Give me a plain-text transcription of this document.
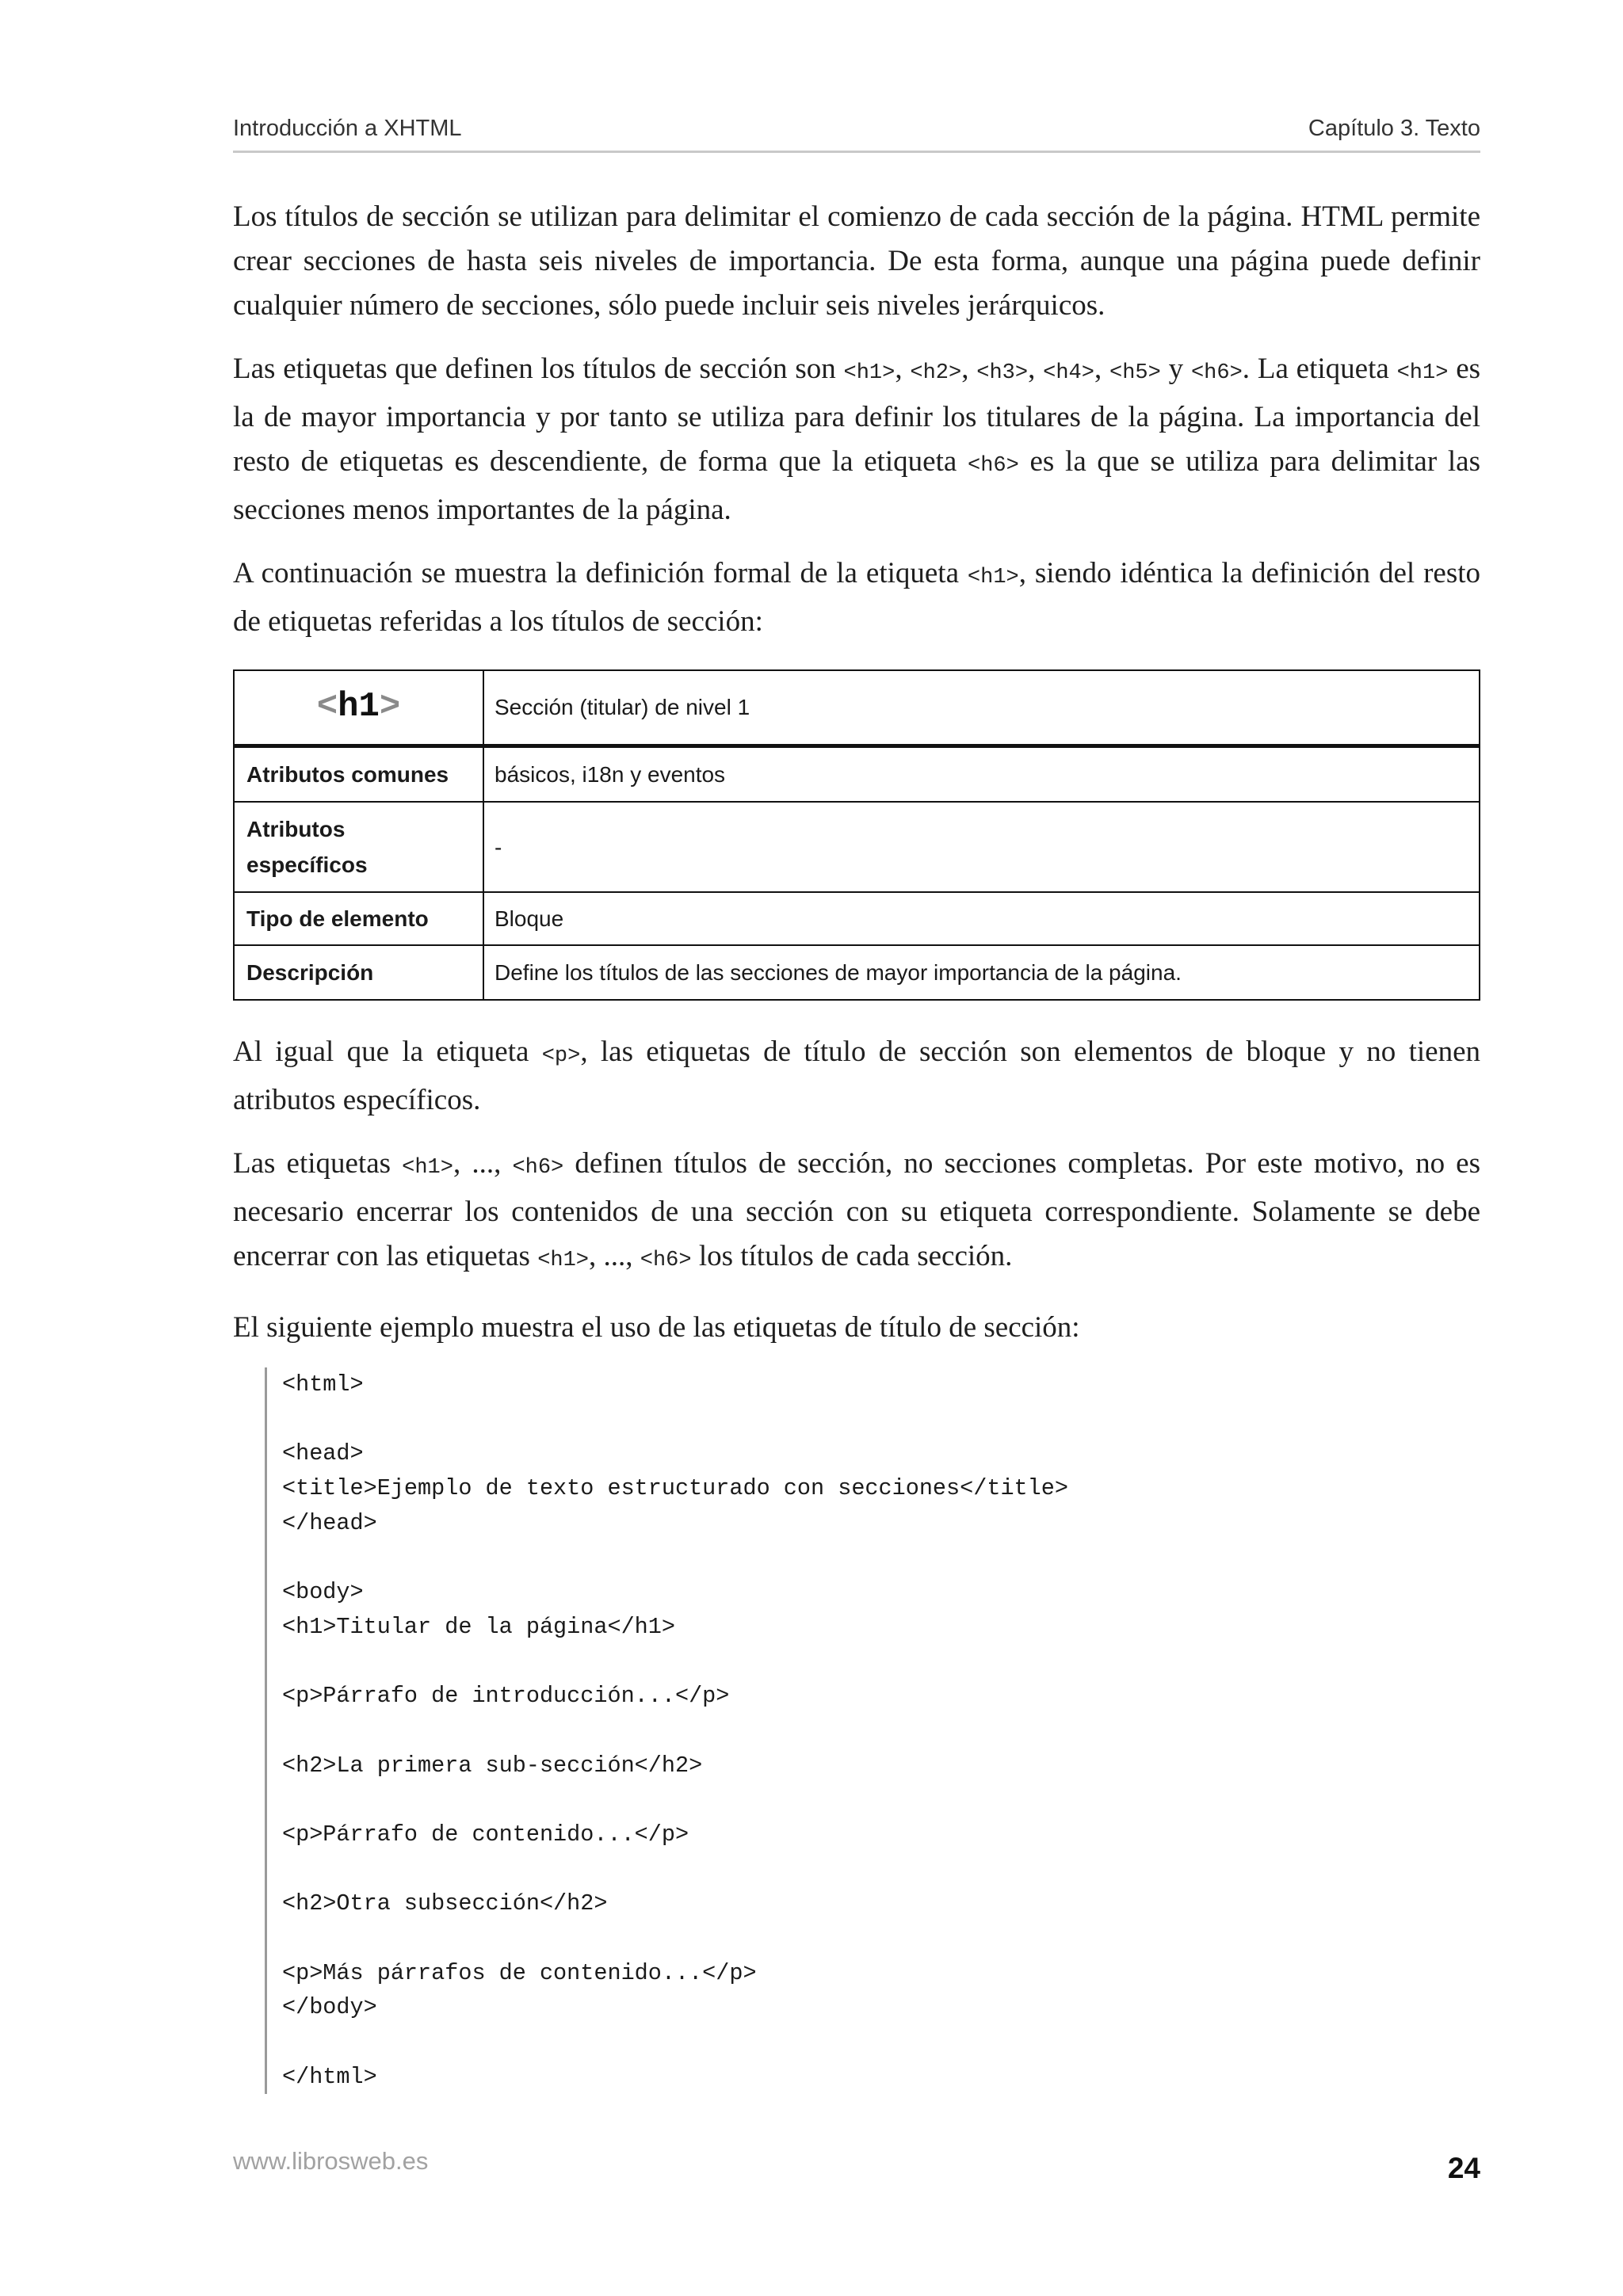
Introducción a XHTML	Capítulo 3. Texto

Los títulos de sección se utilizan para delimitar el comienzo de cada sección de la página. HTML permite crear secciones de hasta seis niveles de importancia. De esta forma, aunque una página puede definir cualquier número de secciones, sólo puede incluir seis niveles jerárquicos.

Las etiquetas que definen los títulos de sección son <h1>, <h2>, <h3>, <h4>, <h5> y <h6>. La etiqueta <h1> es la de mayor importancia y por tanto se utiliza para definir los titulares de la página. La importancia del resto de etiquetas es descendiente, de forma que la etiqueta <h6> es la que se utiliza para delimitar las secciones menos importantes de la página.

A continuación se muestra la definición formal de la etiqueta <h1>, siendo idéntica la definición del resto de etiquetas referidas a los títulos de sección:

<h1>	Sección (titular) de nivel 1
Atributos comunes	básicos, i18n y eventos
Atributos específicos	-
Tipo de elemento	Bloque
Descripción	Define los títulos de las secciones de mayor importancia de la página.

Al igual que la etiqueta <p>, las etiquetas de título de sección son elementos de bloque y no tienen atributos específicos.

Las etiquetas <h1>, ..., <h6> definen títulos de sección, no secciones completas. Por este motivo, no es necesario encerrar los contenidos de una sección con su etiqueta correspondiente. Solamente se debe encerrar con las etiquetas <h1>, ..., <h6> los títulos de cada sección.

El siguiente ejemplo muestra el uso de las etiquetas de título de sección:

<html>
<head>
<title>Ejemplo de texto estructurado con secciones</title>
</head>
<body>
<h1>Titular de la página</h1>
<p>Párrafo de introducción...</p>
<h2>La primera sub-sección</h2>
<p>Párrafo de contenido...</p>
<h2>Otra subsección</h2>
<p>Más párrafos de contenido...</p>
</body>
</html>
www.librosweb.es	24
